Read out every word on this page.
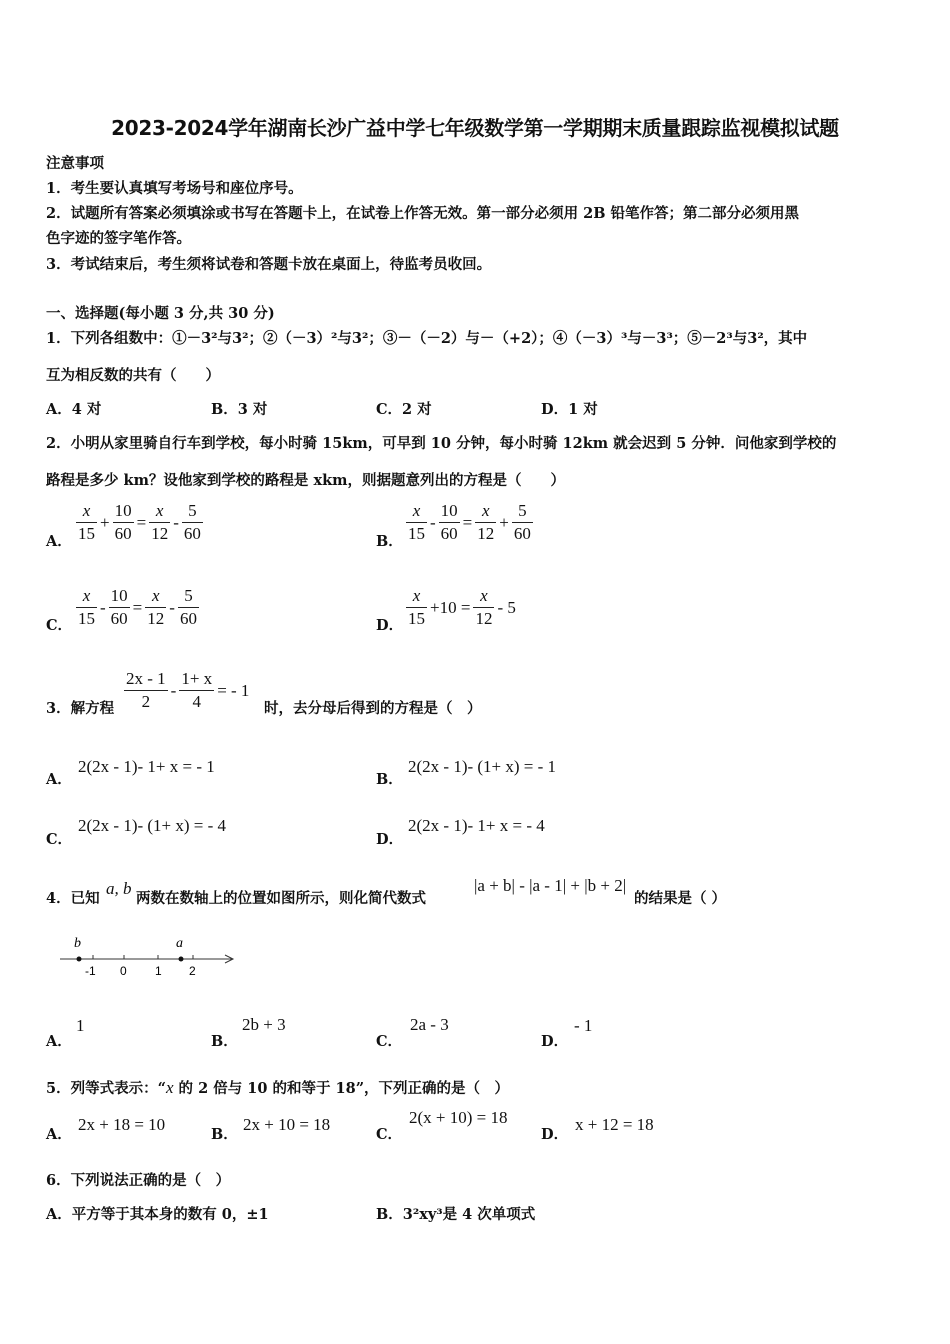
2023-2024学年湖南长沙广益中学七年级数学第一学期期末质量跟踪监视模拟试题
注意事项
1．考生要认真填写考场号和座位序号。
2．试题所有答案必须填涂或书写在答题卡上，在试卷上作答无效。第一部分必须用 2B 铅笔作答；第二部分必须用黑
色字迹的签字笔作答。
3．考试结束后，考生须将试卷和答题卡放在桌面上，待监考员收回。
一、选择题(每小题 3 分,共 30 分)
1．下列各组数中：①－3²与3²；②（－3）²与3²；③－（－2）与－（+2）；④（－3）³与－3³；⑤－2³与3²，其中
互为相反数的共有（　　）
A．4 对	B．3 对	C．2 对	D．1 对
2．小明从家里骑自行车到学校，每小时骑 15km，可早到 10 分钟，每小时骑 12km 就会迟到 5 分钟．问他家到学校的
路程是多少 km？设他家到学校的路程是 xkm，则据题意列出的方程是（　　）
A． $\frac{x}{15} + \frac{10}{60} = \frac{x}{12} - \frac{5}{60}$	B． $\frac{x}{15} - \frac{10}{60} = \frac{x}{12} + \frac{5}{60}$
C． $\frac{x}{15} - \frac{10}{60} = \frac{x}{12} - \frac{5}{60}$	D． $\frac{x}{15} +10 = \frac{x}{12} - 5$
3．解方程 $\frac{2x - 1}{2} - \frac{1+ x}{4}$ = - 1
时，去分母后得到的方程是（　）
A．
2(2x - 1)- 1+ x = - 1
B．
2(2x - 1)- (1+ x) = - 1
C．
2(2x - 1)- (1+ x) = - 4
D．
2(2x - 1)- 1+ x = - 4
4．已知
a, b
两数在数轴上的位置如图所示，则化简代数式
|a + b| - |a - 1| + |b + 2|
的结果是（ ）
b	a
-1 0 1 2
A．
1
B．
2b + 3
C．
2a - 3
D．
- 1
5．列等式表示：“x 的 2 倍与 10 的和等于 18”，下列正确的是（　）
A．
2x + 18 = 10
B．
2x + 10 = 18
C．
2(x + 10) = 18
D．
x + 12 = 18
6．下列说法正确的是（　）
A．平方等于其本身的数有 0，±1	B．3²xy³是 4 次单项式
